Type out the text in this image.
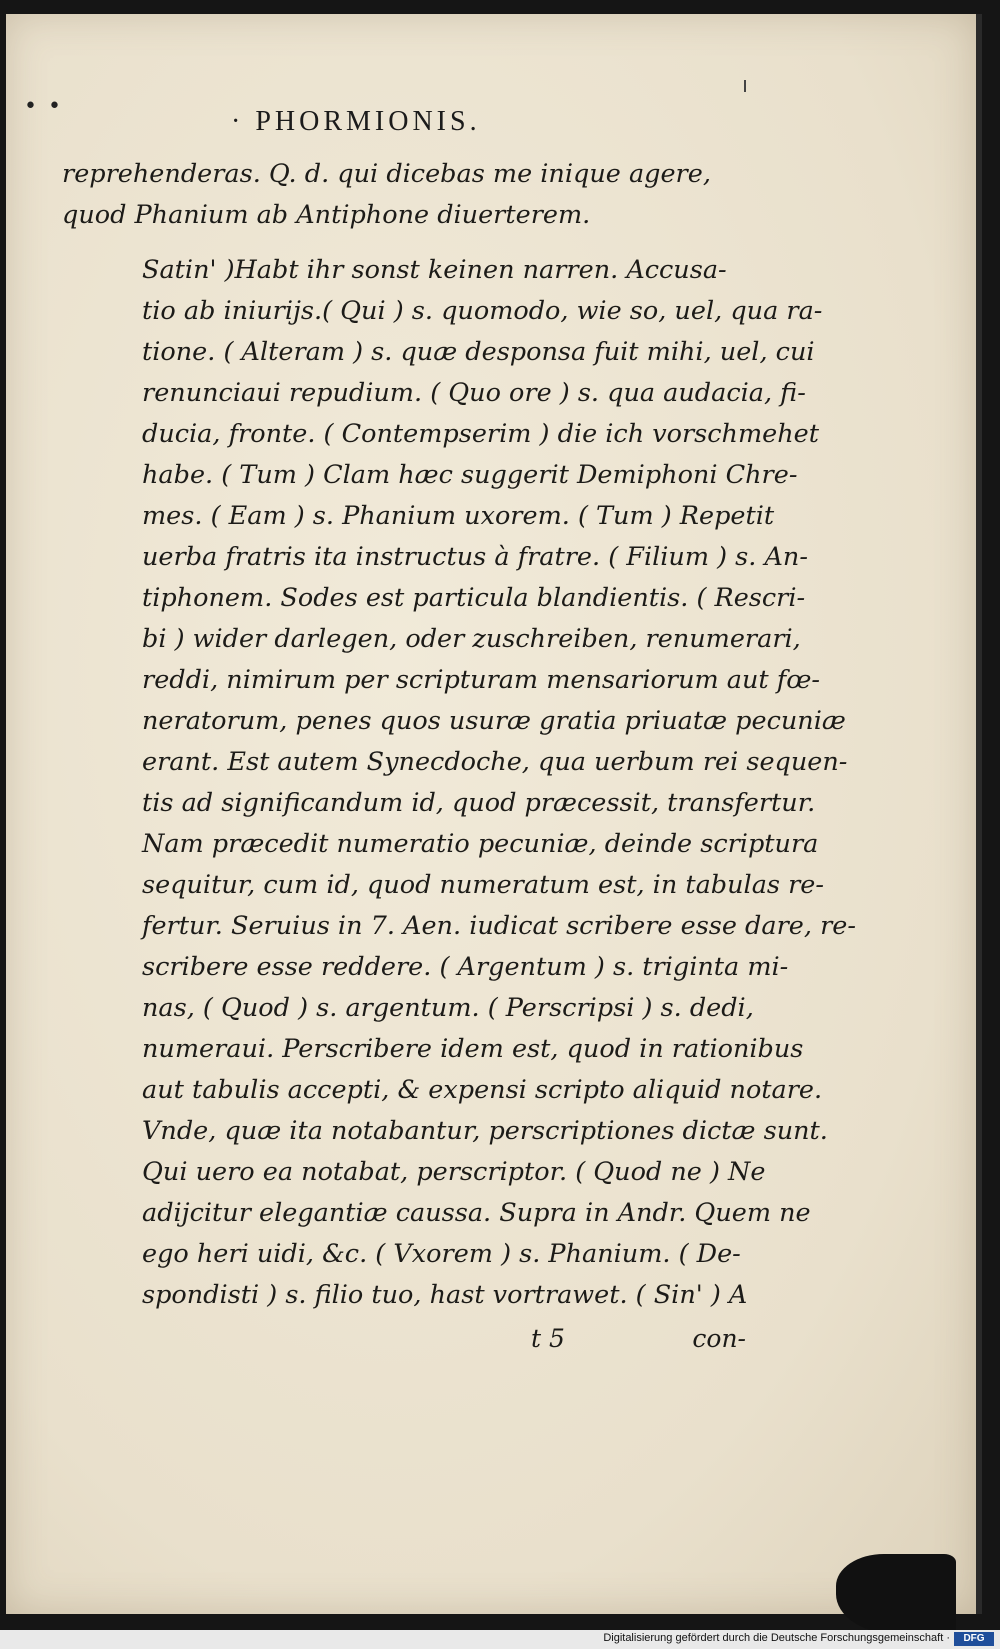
• •	· PHORMIONIS.

reprehenderas. Q. d. qui dicebas me inique agere,
quod Phanium ab Antiphone diuerterem.

Satin' )Habt ihr sonst keinen narren. Accusa-
tio ab iniurijs.( Qui ) s. quomodo, wie so, uel, qua ra-
tione. ( Alteram ) s. quæ desponsa fuit mihi, uel, cui
renunciaui repudium. ( Quo ore ) s. qua audacia, fi-
ducia, fronte. ( Contempserim ) die ich vorschmehet
habe. ( Tum ) Clam hæc suggerit Demiphoni Chre-
mes. ( Eam ) s. Phanium uxorem. ( Tum ) Repetit
uerba fratris ita instructus à fratre. ( Filium ) s. An-
tiphonem. Sodes est particula blandientis. ( Rescri-
bi ) wider darlegen, oder zuschreiben, renumerari,
reddi, nimirum per scripturam mensariorum aut fœ-
neratorum, penes quos usuræ gratia priuatæ pecuniæ
erant. Est autem Synecdoche, qua uerbum rei sequen-
tis ad significandum id, quod præcessit, transfertur.
Nam præcedit numeratio pecuniæ, deinde scriptura
sequitur, cum id, quod numeratum est, in tabulas re-
fertur. Seruius in 7. Aen. iudicat scribere esse dare, re-
scribere esse reddere. ( Argentum ) s. triginta mi-
nas, ( Quod ) s. argentum. ( Perscripsi ) s. dedi,
numeraui. Perscribere idem est, quod in rationibus
aut tabulis accepti, & expensi scripto aliquid notare.
Vnde, quæ ita notabantur, perscriptiones dictæ sunt.
Qui uero ea notabat, perscriptor. ( Quod ne ) Ne
adijcitur elegantiæ caussa. Supra in Andr. Quem ne
ego heri uidi, &c. ( Vxorem ) s. Phanium. ( De-
spondisti ) s. filio tuo, hast vortrawet. ( Sin' ) A

t 5	con-
Digitalisierung gefördert durch die Deutsche Forschungsgemeinschaft ·	DFG
